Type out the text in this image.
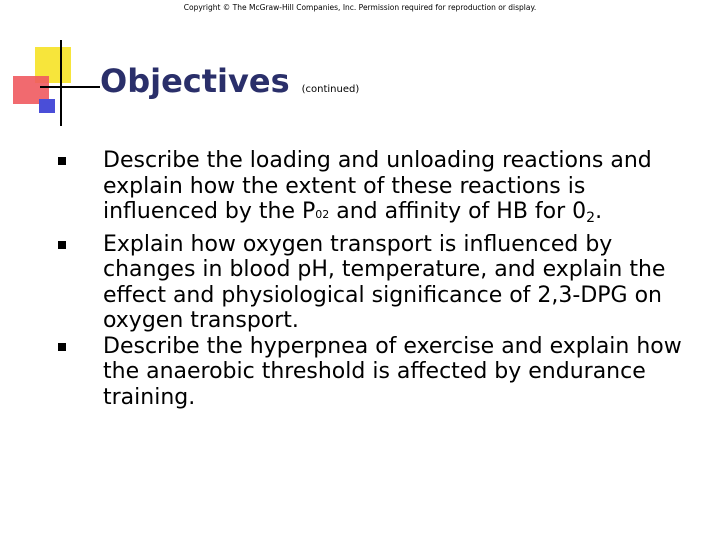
Copyright © The McGraw-Hill Companies, Inc. Permission required for reproduction or display.
Objectives (continued)
Describe the loading and unloading reactions and explain how the extent of these reactions is influenced by the P02 and affinity of HB for 02.
Explain how oxygen transport is influenced by changes in blood pH, temperature, and explain the effect and physiological significance of 2,3-DPG on oxygen transport.
Describe the hyperpnea of exercise and explain how the anaerobic threshold is affected by endurance training.
